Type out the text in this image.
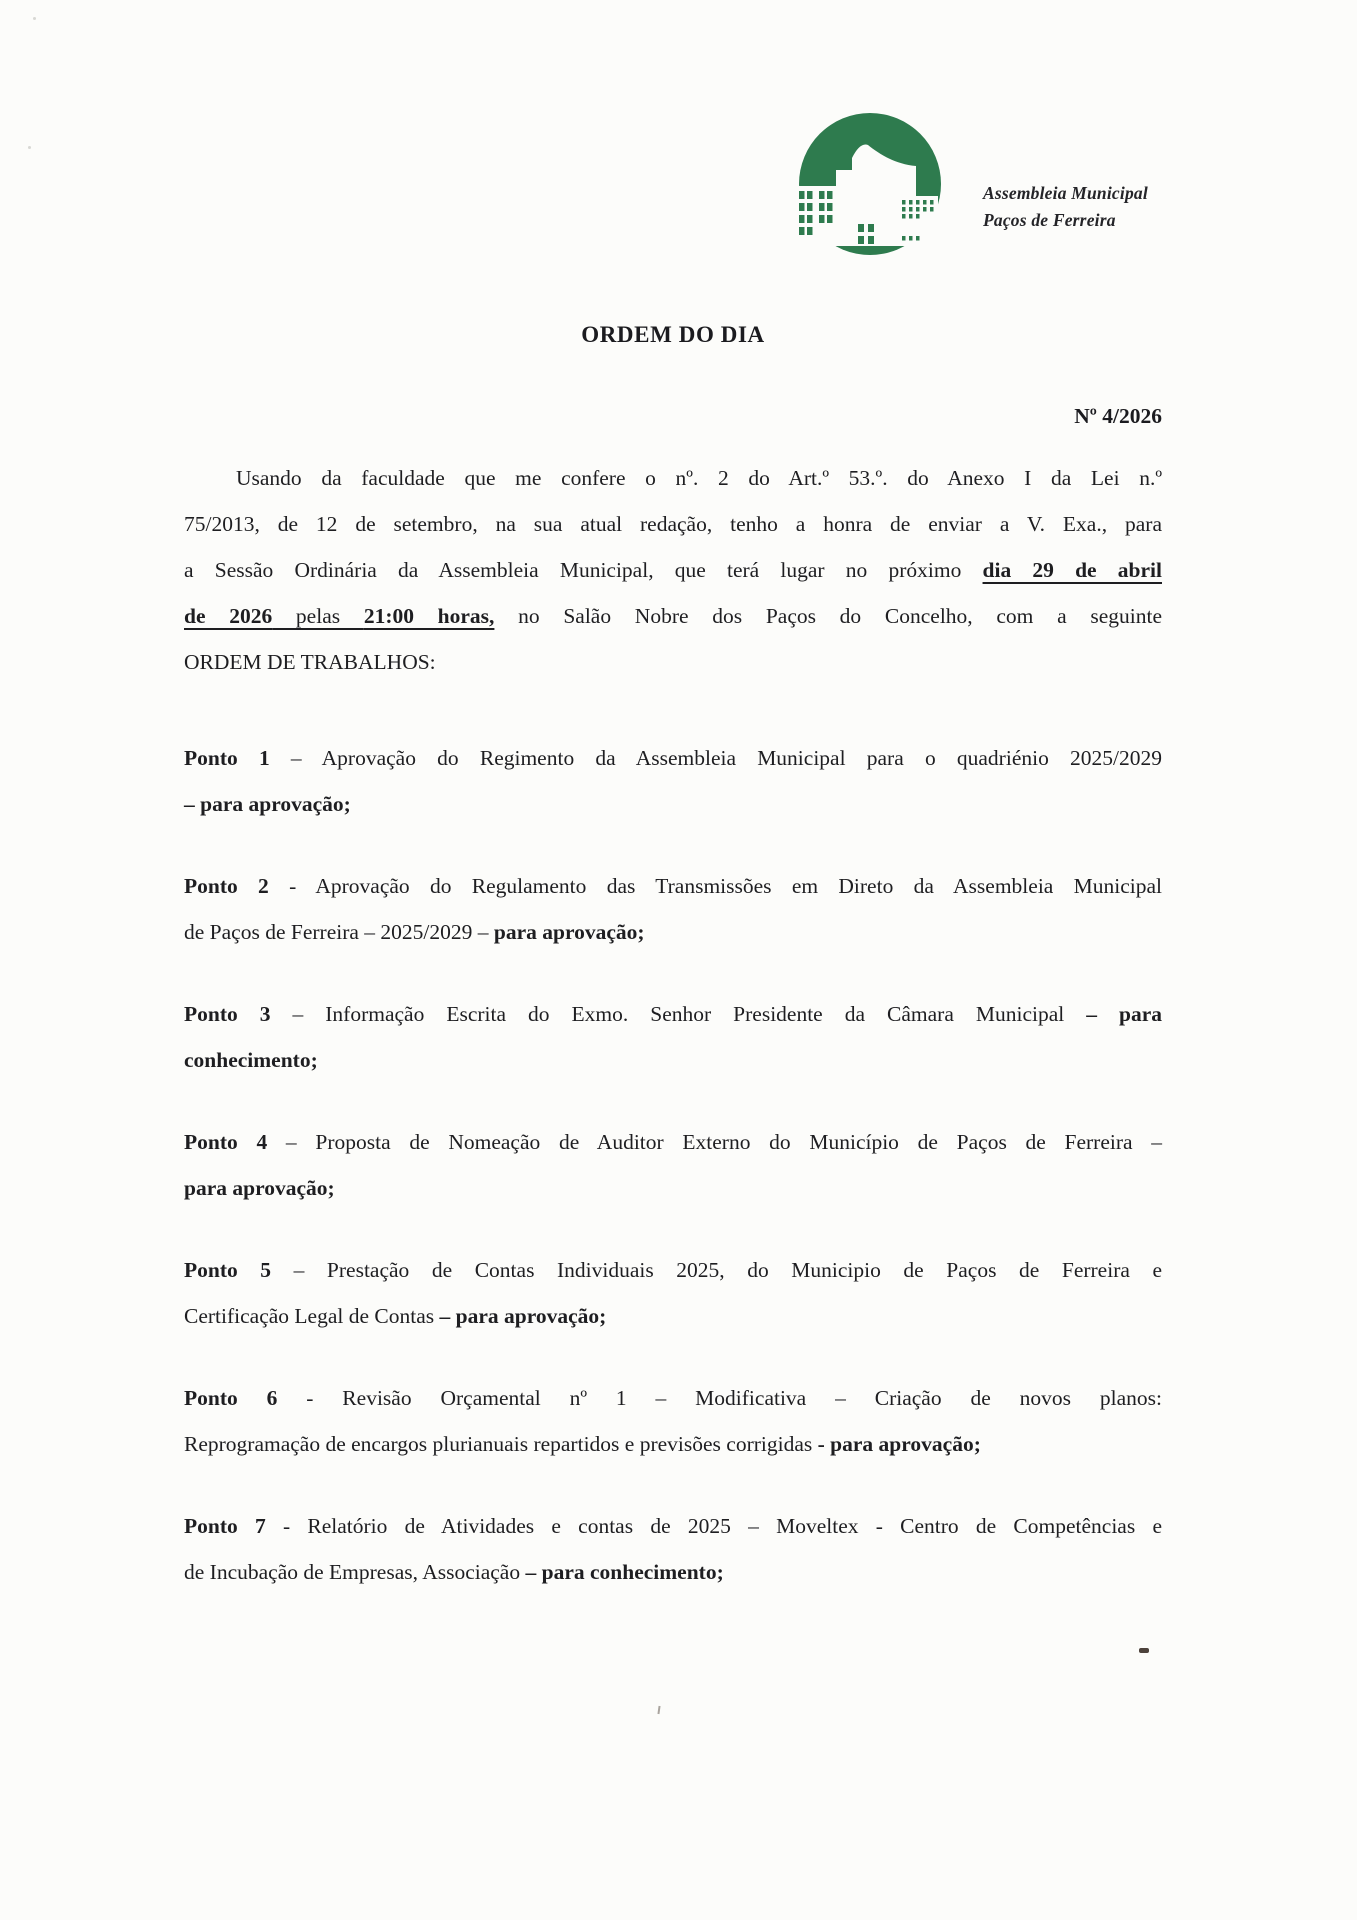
Assembleia Municipal
Paços de Ferreira
ORDEM DO DIA
Nº 4/2026
Usando da faculdade que me confere o nº. 2 do Art.º 53.º. do Anexo I da Lei n.º
75/2013, de 12 de setembro, na sua atual redação, tenho a honra de enviar a V. Exa., para
a Sessão Ordinária da Assembleia Municipal, que terá lugar no próximo dia 29 de abril
de 2026 pelas 21:00 horas, no Salão Nobre dos Paços do Concelho, com a seguinte
ORDEM DE TRABALHOS:
Ponto 1 – Aprovação do Regimento da Assembleia Municipal para o quadriénio 2025/2029
– para aprovação;
Ponto 2 - Aprovação do Regulamento das Transmissões em Direto da Assembleia Municipal
de Paços de Ferreira – 2025/2029 – para aprovação;
Ponto 3 – Informação Escrita do Exmo. Senhor Presidente da Câmara Municipal – para
conhecimento;
Ponto 4 – Proposta de Nomeação de Auditor Externo do Município de Paços de Ferreira –
para aprovação;
Ponto 5 – Prestação de Contas Individuais 2025, do Municipio de Paços de Ferreira e
Certificação Legal de Contas – para aprovação;
Ponto 6 - Revisão Orçamental nº 1 – Modificativa – Criação de novos planos:
Reprogramação de encargos plurianuais repartidos e previsões corrigidas - para aprovação;
Ponto 7 - Relatório de Atividades e contas de 2025 – Moveltex - Centro de Competências e
de Incubação de Empresas, Associação – para conhecimento;
